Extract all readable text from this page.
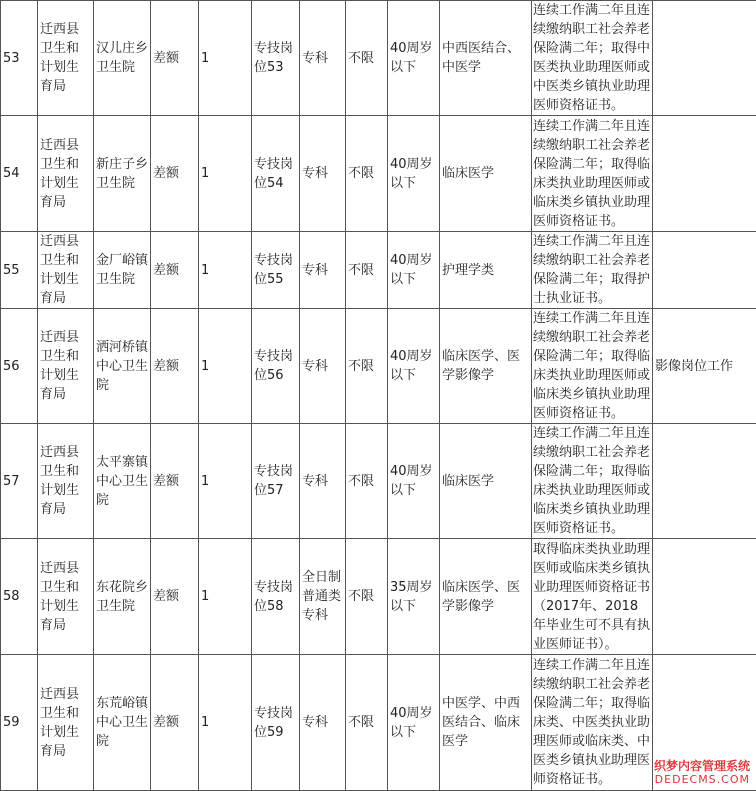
53	迁西县卫生和计划生育局	汉儿庄乡卫生院	差额	1	专技岗位53	专科	不限	40周岁以下	中西医结合、中医学	连续工作满二年且连续缴纳职工社会养老保险满二年；取得中医类执业助理医师或中医类乡镇执业助理医师资格证书。	
54	迁西县卫生和计划生育局	新庄子乡卫生院	差额	1	专技岗位54	专科	不限	40周岁以下	临床医学	连续工作满二年且连续缴纳职工社会养老保险满二年；取得临床类执业助理医师或临床类乡镇执业助理医师资格证书。	
55	迁西县卫生和计划生育局	金厂峪镇卫生院	差额	1	专技岗位55	专科	不限	40周岁以下	护理学类	连续工作满二年且连续缴纳职工社会养老保险满二年；取得护士执业证书。	
56	迁西县卫生和计划生育局	洒河桥镇中心卫生院	差额	1	专技岗位56	专科	不限	40周岁以下	临床医学、医学影像学	连续工作满二年且连续缴纳职工社会养老保险满二年；取得临床类执业助理医师或临床类乡镇执业助理医师资格证书。	影像岗位工作
57	迁西县卫生和计划生育局	太平寨镇中心卫生院	差额	1	专技岗位57	专科	不限	40周岁以下	临床医学	连续工作满二年且连续缴纳职工社会养老保险满二年；取得临床类执业助理医师或临床类乡镇执业助理医师资格证书。	
58	迁西县卫生和计划生育局	东花院乡卫生院	差额	1	专技岗位58	全日制普通类专科	不限	35周岁以下	临床医学、医学影像学	取得临床类执业助理医师或临床类乡镇执业助理医师资格证书（2017年、2018年毕业生可不具有执业医师证书）。	
59	迁西县卫生和计划生育局	东荒峪镇中心卫生院	差额	1	专技岗位59	专科	不限	40周岁以下	中医学、中西医结合、临床医学	连续工作满二年且连续缴纳职工社会养老保险满二年；取得临床类、中医类执业助理医师或临床类、中医类乡镇执业助理医师资格证书。	
织梦内容管理系统
DEDECMS.COM
